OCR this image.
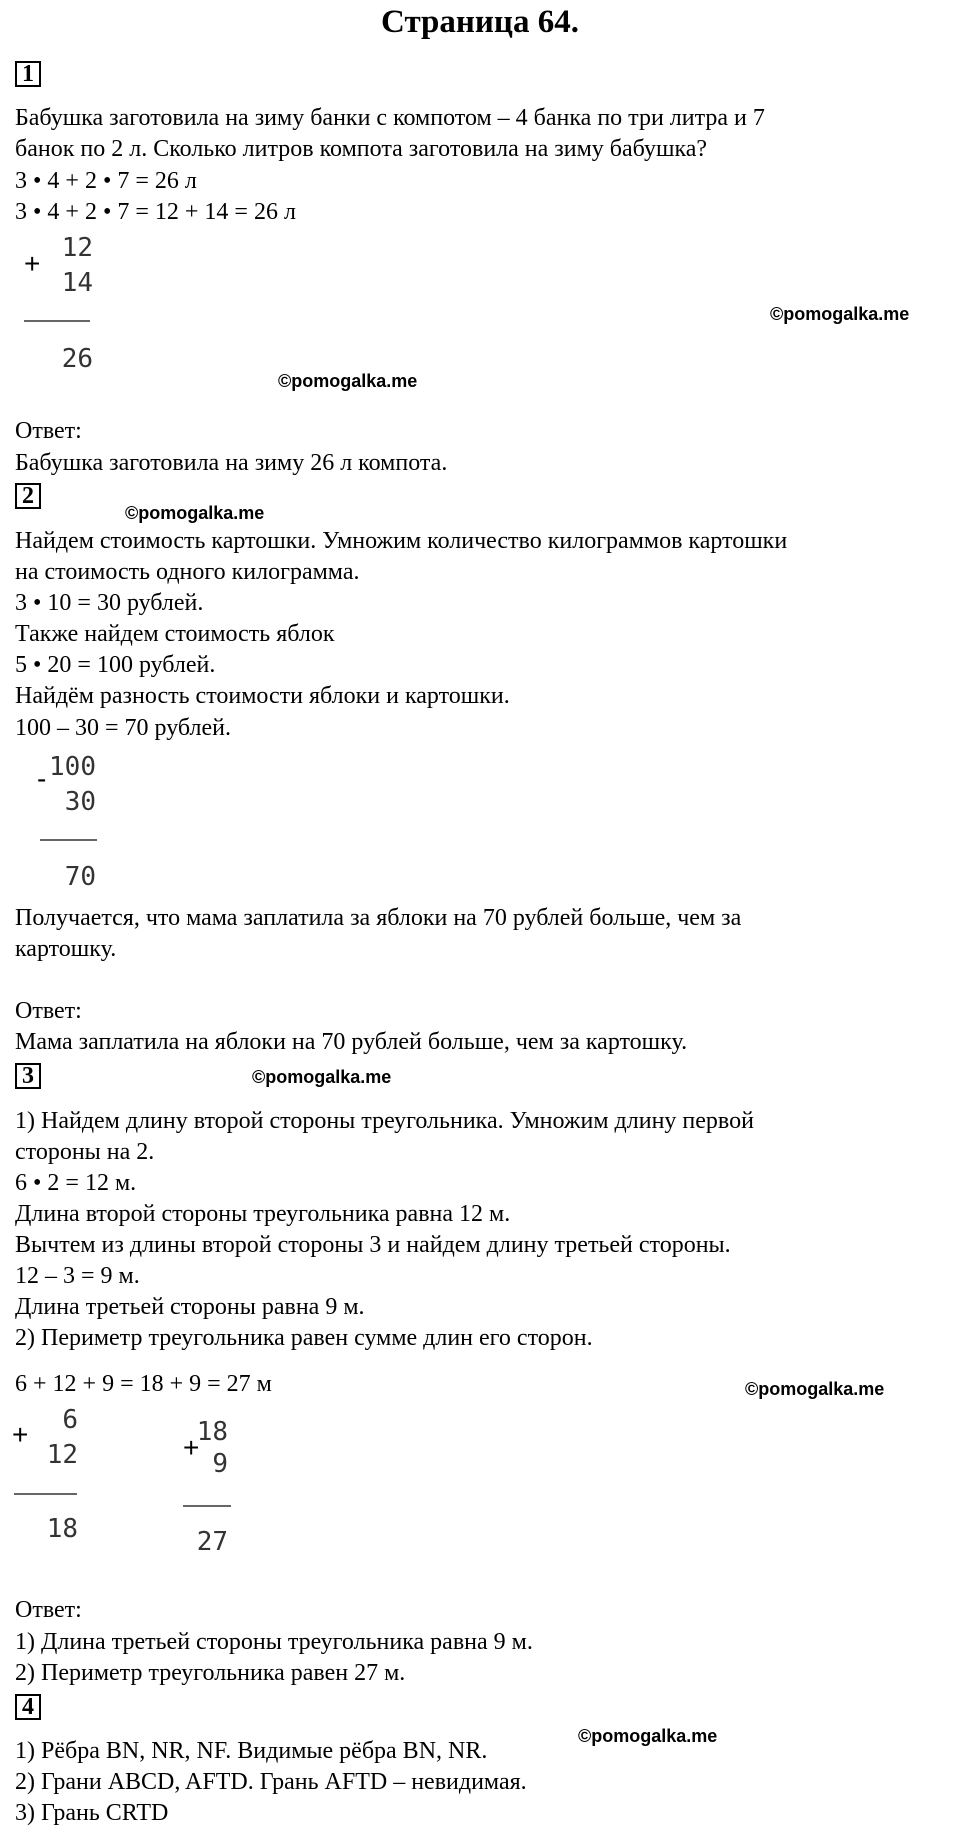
Страница 64.
1
Бабушка заготовила на зиму банки с компотом – 4 банка по три литра и 7
банок по 2 л. Сколько литров компота заготовила на зиму бабушка?
3 • 4 + 2 • 7 = 26 л
3 • 4 + 2 • 7 = 12 + 14 = 26 л
+ 12
14
26
©pomogalka.me
©pomogalka.me
Ответ:
Бабушка заготовила на зиму 26 л компота.
2
©pomogalka.me
Найдем стоимость картошки. Умножим количество килограммов картошки
на стоимость одного килограмма.
3 • 10 = 30 рублей.
Также найдем стоимость яблок
5 • 20 = 100 рублей.
Найдём разность стоимости яблоки и картошки.
100 – 30 = 70 рублей.
- 100
30
70
Получается, что мама заплатила за яблоки на 70 рублей больше, чем за
картошку.
Ответ:
Мама заплатила на яблоки на 70 рублей больше, чем за картошку.
3	©pomogalka.me
1) Найдем длину второй стороны треугольника. Умножим длину первой
стороны на 2.
6 • 2 = 12 м.
Длина второй стороны треугольника равна 12 м.
Вычтем из длины второй стороны 3 и найдем длину третьей стороны.
12 – 3 = 9 м.
Длина третьей стороны равна 9 м.
2) Периметр треугольника равен сумме длин его сторон.
6 + 12 + 9 = 18 + 9 = 27 м	©pomogalka.me
+	6
12
18
+
18
9
27
Ответ:
1) Длина третьей стороны треугольника равна 9 м.
2) Периметр треугольника равен 27 м.
4
©pomogalka.me
1) Рёбра BN, NR, NF. Видимые рёбра BN, NR.
2) Грани ABCD, AFTD. Грань AFTD – невидимая.
3) Грань CRTD
